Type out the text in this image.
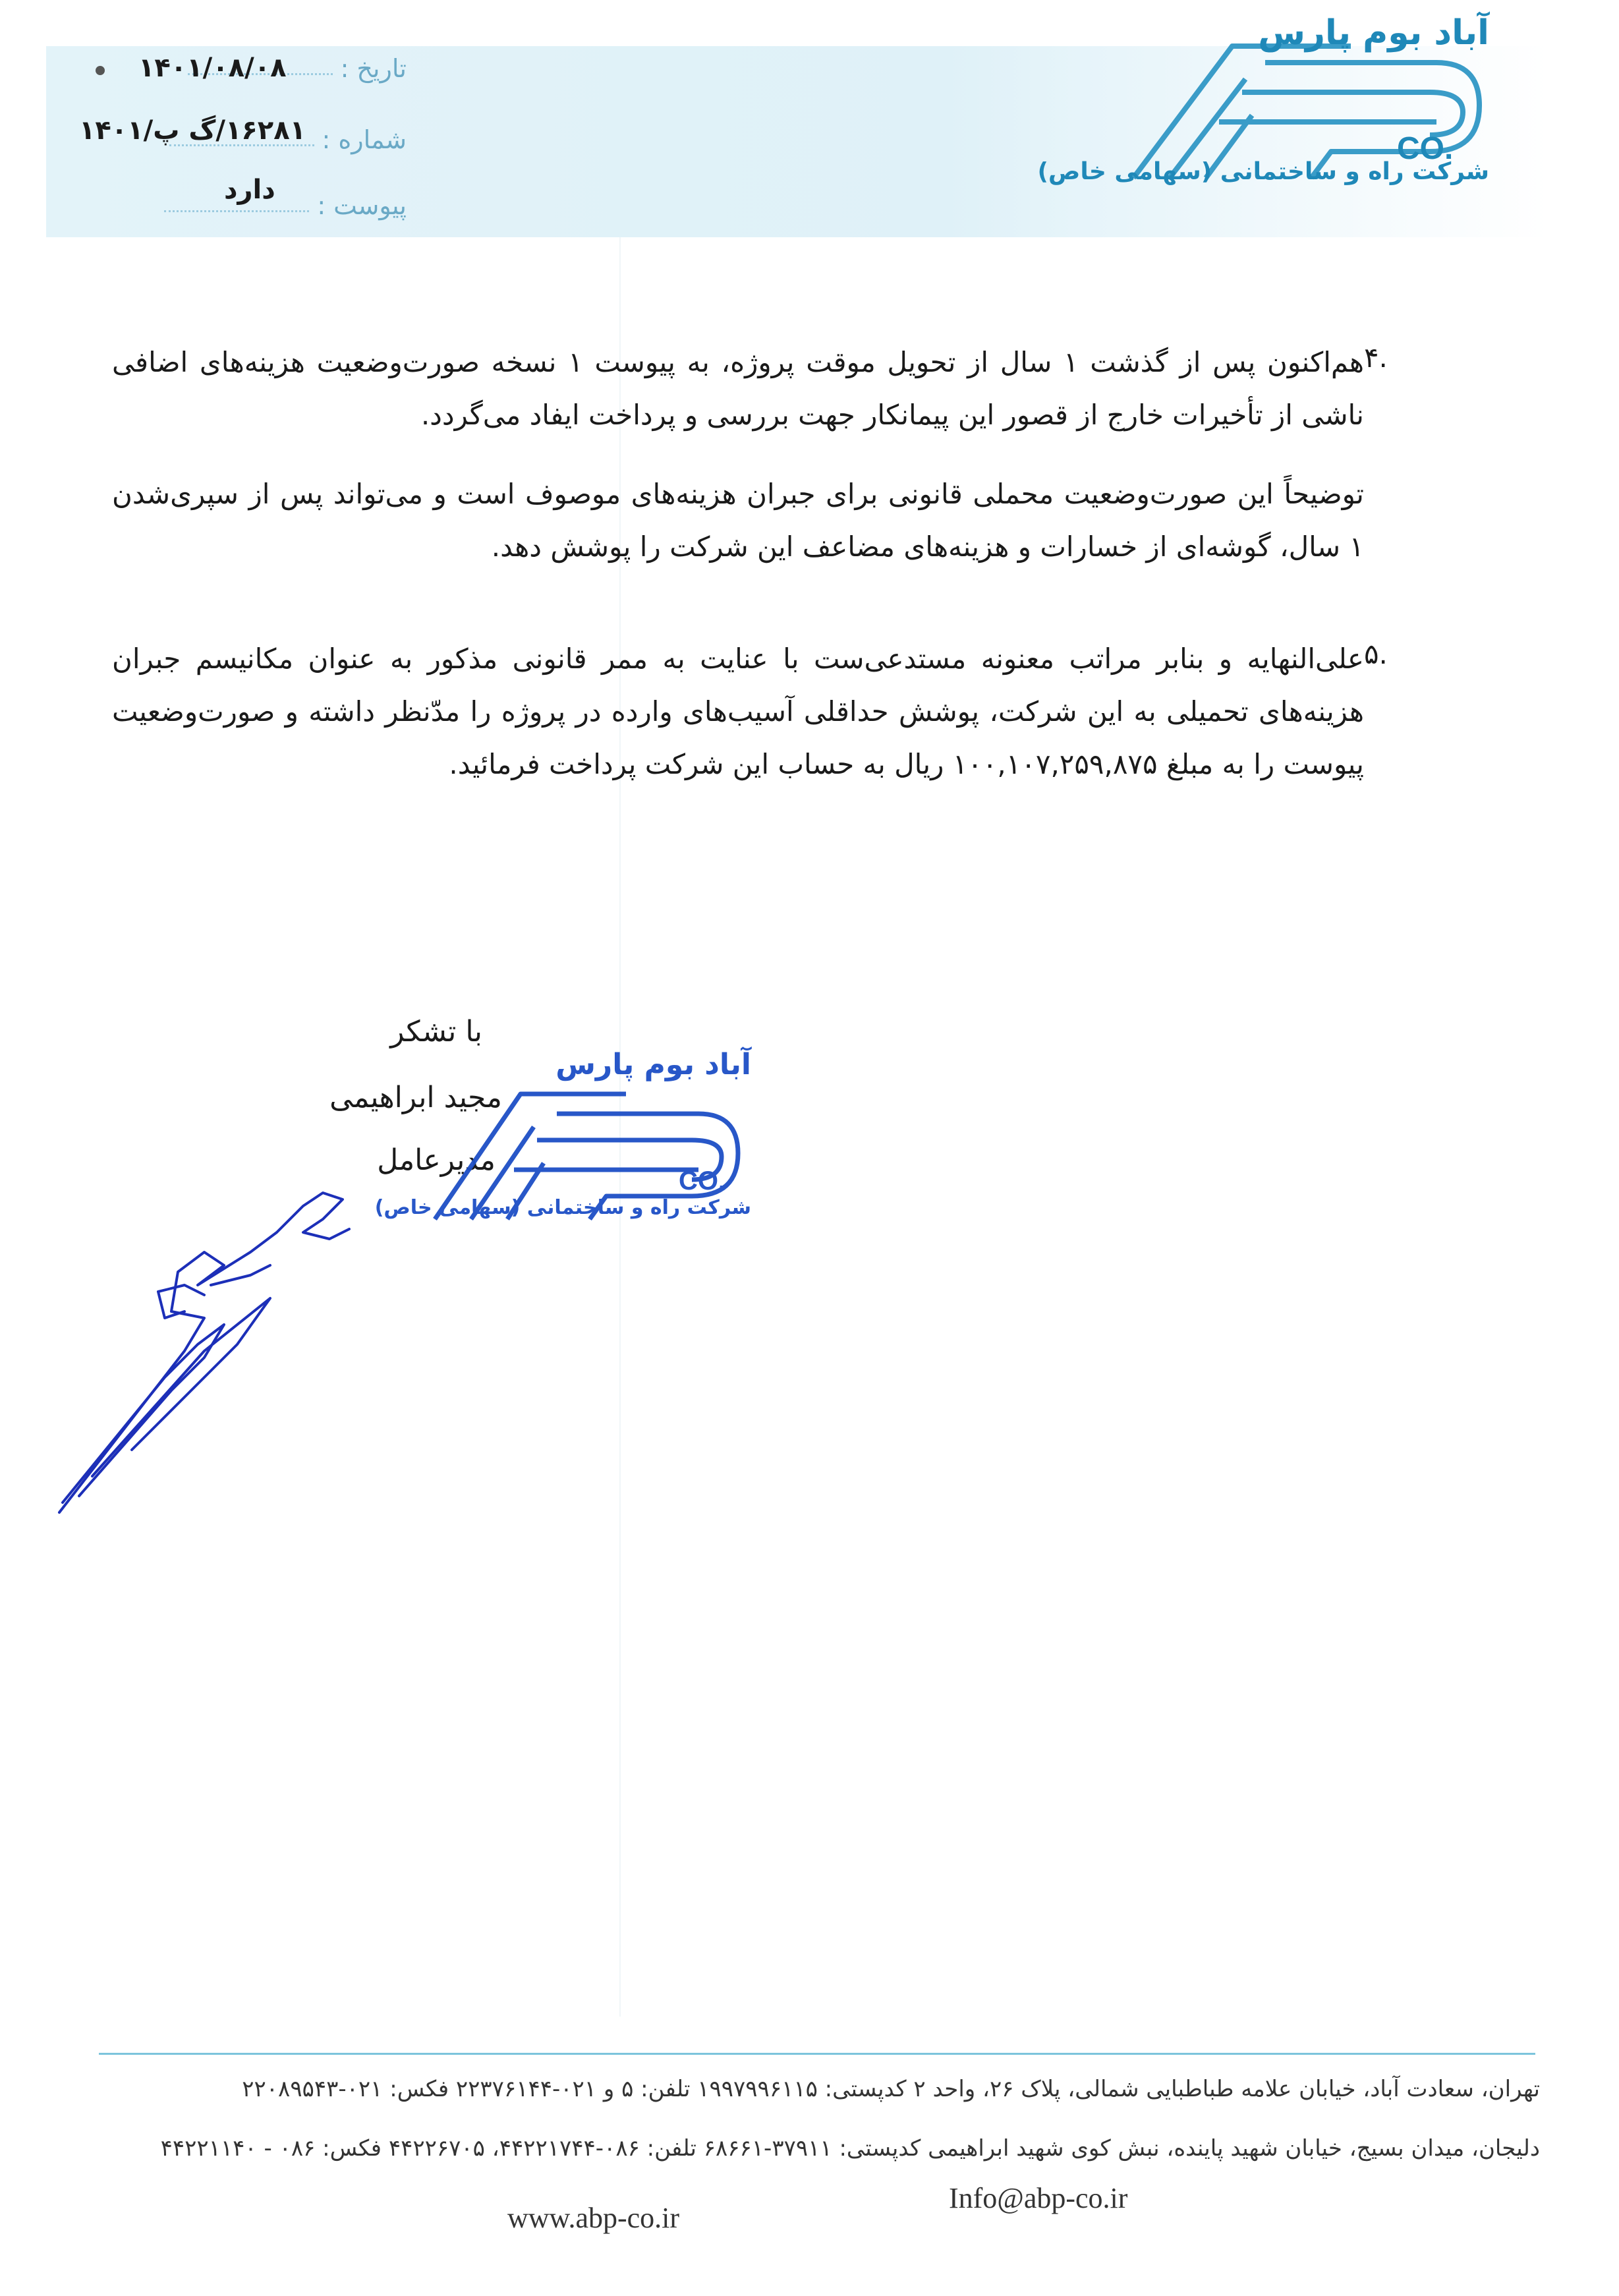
تاریخ:
۱۴۰۱/۰۸/۰۸
شماره:
۱۶۲۸۱/گ پ/۱۴۰۱
پیوست:
دارد
آباد بوم پارس
CO.
شرکت راه و ساختمانی (سهامی خاص)
۴.
هم‌اکنون پس از گذشت ۱ سال از تحویل موقت پروژه، به پیوست ۱ نسخه صورت‌وضعیت هزینه‌های اضافی ناشی از تأخیرات خارج از قصور این پیمانکار جهت بررسی و پرداخت ایفاد می‌گردد.
توضیحاً این صورت‌وضعیت محملی قانونی برای جبران هزینه‌های موصوف است و می‌تواند پس از سپری‌شدن ۱ سال، گوشه‌ای از خسارات و هزینه‌های مضاعف این شرکت را پوشش دهد.
۵.
علی‌النهایه و بنابر مراتب معنونه مستدعی‌ست با عنایت به ممر قانونی مذکور به عنوان مکانیسم جبران هزینه‌های تحمیلی به این شرکت، پوشش حداقلی آسیب‌های وارده در پروژه را مدّنظر داشته و صورت‌وضعیت پیوست را به مبلغ ۱۰۰,۱۰۷,۲۵۹,۸۷۵ ریال به حساب این شرکت پرداخت فرمائید.
با تشکر
مجید ابراهیمی
مدیرعامل
آباد بوم پارس
CO.
شرکت راه و ساختمانی (سهامی خاص)
تهران، سعادت آباد، خیابان علامه طباطبایی شمالی، پلاک ۲۶، واحد ۲ کدپستی: ۱۹۹۷۹۹۶۱۱۵ تلفن: ۵ و ۰۲۱-۲۲۳۷۶۱۴۴ فکس: ۰۲۱-۲۲۰۸۹۵۴۳
دلیجان، میدان بسیج، خیابان شهید پاینده، نبش کوی شهید ابراهیمی کدپستی: ۳۷۹۱۱-۶۸۶۶۱ تلفن: ۰۸۶-۴۴۲۲۱۷۴۴، ۴۴۲۲۶۷۰۵ فکس: ۰۸۶ - ۴۴۲۲۱۱۴۰
Info@abp-co.ir
www.abp-co.ir
